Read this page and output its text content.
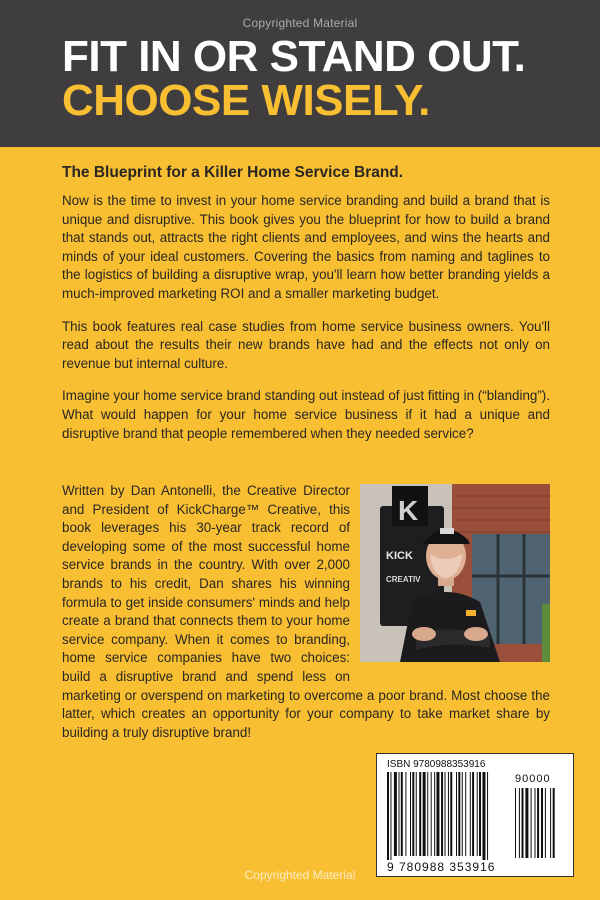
Copyrighted Material
FIT IN OR STAND OUT.
CHOOSE WISELY.
The Blueprint for a Killer Home Service Brand.

Now is the time to invest in your home service branding and build a brand that is unique and disruptive. This book gives you the blueprint for how to build a brand that stands out, attracts the right clients and employees, and wins the hearts and minds of your ideal customers. Covering the basics from naming and taglines to the logistics of building a disruptive wrap, you'll learn how better branding yields a much-improved marketing ROI and a smaller marketing budget.

This book features real case studies from home service business owners. You'll read about the results their new brands have had and the effects not only on revenue but internal culture.

Imagine your home service brand standing out instead of just fitting in (“blanding”). What would happen for your home service business if it had a unique and disruptive brand that people remembered when they needed service?

K
KICK
CREATIV
Written by Dan Antonelli, the Creative Director and President of KickCharge™ Creative, this book leverages his 30-year track record of developing some of the most successful home service brands in the country. With over 2,000 brands to his credit, Dan shares his winning formula to get inside consumers' minds and help create a brand that connects them to your home service company. When it comes to branding, home service companies have two choices: build a disruptive brand and spend less on marketing or overspend on marketing to overcome a poor brand. Most choose the latter, which creates an opportunity for your company to take market share by building a truly disruptive brand!
ISBN 9780988353916
90000
9 780988 353916
Copyrighted Material
